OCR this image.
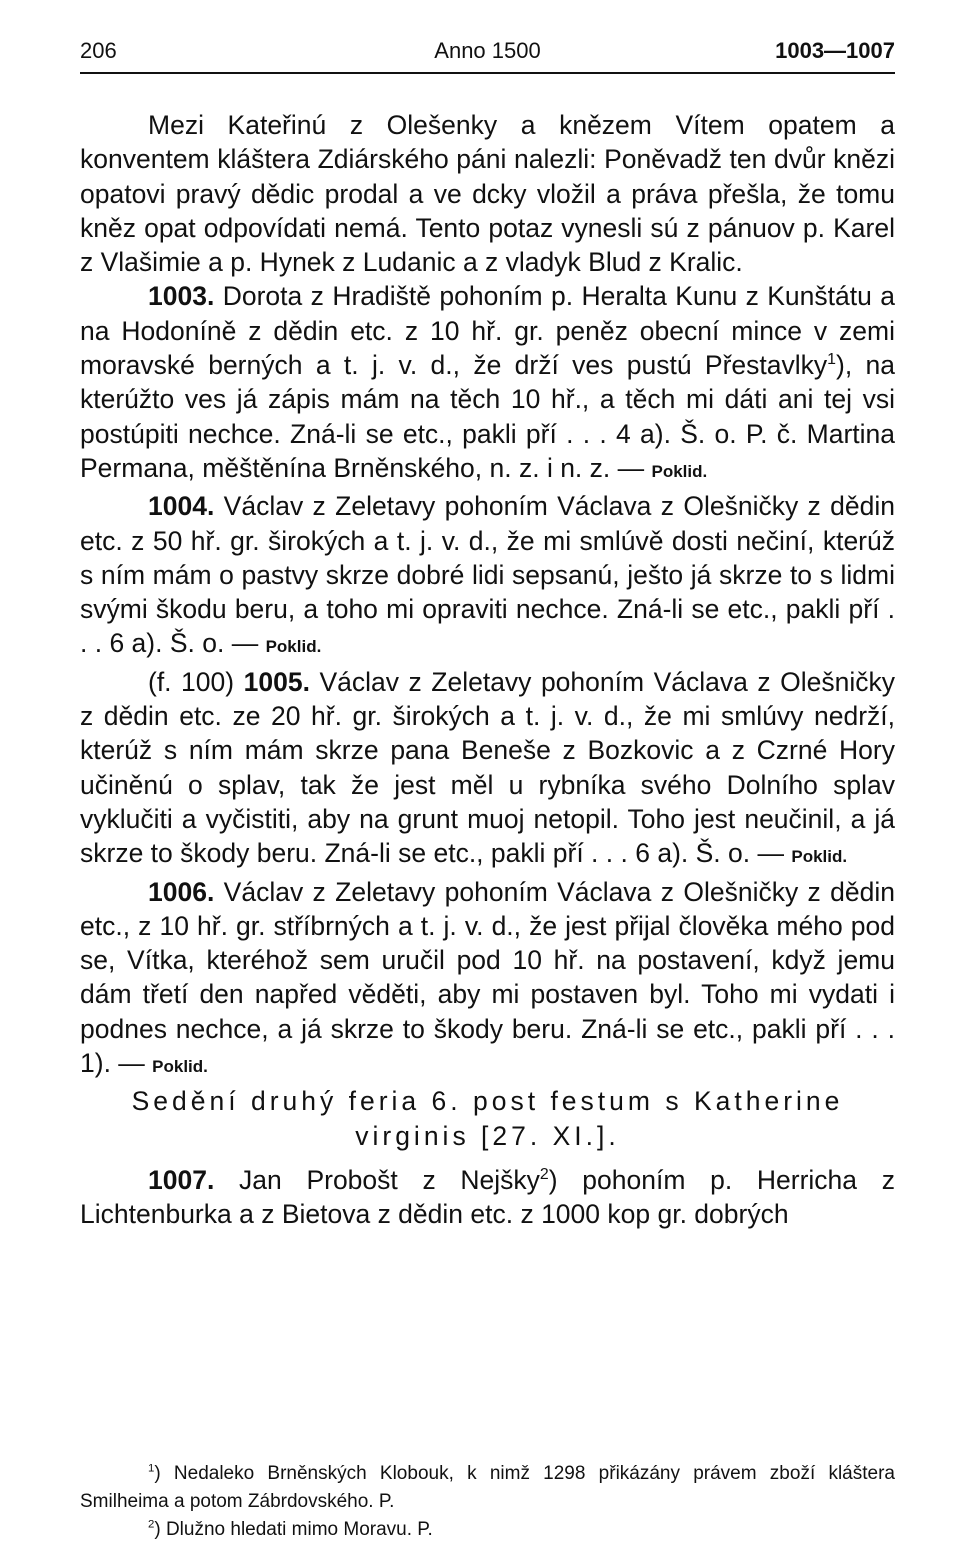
206	Anno 1500	1003—1007

Mezi Kateřinú z Olešenky a knězem Vítem opatem a konventem kláštera Zdiárského páni nalezli: Poněvadž ten dvůr knězi opatovi pravý dědic prodal a ve dcky vložil a práva přešla, že tomu kněz opat odpovídati nemá. Tento potaz vynesli sú z pánuov p. Karel z Vlašimie a p. Hynek z Ludanic a z vladyk Blud z Kralic.

1003. Dorota z Hradiště pohoním p. Heralta Kunu z Kunštátu a na Hodoníně z dědin etc. z 10 hř. gr. peněz obecní mince v zemi moravské berných a t. j. v. d., že drží ves pustú Přestavlky$^1$), na kterúžto ves já zápis mám na těch 10 hř., a těch mi dáti ani tej vsi postúpiti nechce. Zná-li se etc., pakli pří . . . 4 a). Š. o. P. č. Martina Permana, měštěnína Brněnského, n. z. i n. z. — Poklid.

1004. Václav z Zeletavy pohoním Václava z Olešničky z dědin etc. z 50 hř. gr. širokých a t. j. v. d., že mi smlúvě dosti nečiní, kterúž s ním mám o pastvy skrze dobré lidi sepsanú, ješto já skrze to s lidmi svými škodu beru, a toho mi opraviti nechce. Zná-li se etc., pakli pří . . . 6 a). Š. o. — Poklid.

(f. 100) 1005. Václav z Zeletavy pohoním Václava z Olešničky z dědin etc. ze 20 hř. gr. širokých a t. j. v. d., že mi smlúvy nedrží, kterúž s ním mám skrze pana Beneše z Bozkovic a z Czrné Hory učiněnú o splav, tak že jest měl u rybníka svého Dolního splav vyklučiti a vyčistiti, aby na grunt muoj netopil. Toho jest neučinil, a já skrze to škody beru. Zná-li se etc., pakli pří . . . 6 a). Š. o. — Poklid.

1006. Václav z Zeletavy pohoním Václava z Olešničky z dědin etc., z 10 hř. gr. stříbrných a t. j. v. d., že jest přijal člověka mého pod se, Vítka, kteréhož sem uručil pod 10 hř. na postavení, když jemu dám třetí den napřed věděti, aby mi postaven byl. Toho mi vydati i podnes nechce, a já skrze to škody beru. Zná-li se etc., pakli pří . . . 1). — Poklid.

Sedění druhý feria 6. post festum s Katherine virginis [27. XI.].

1007. Jan Probošt z Nejšky$^2$) pohoním p. Herricha z Lichtenburka a z Bietova z dědin etc. z 1000 kop gr. dobrých

$^1$) Nedaleko Brněnských Klobouk, k nimž 1298 přikázány právem zboží kláštera Smilheima a potom Zábrdovského. P.

$^2$) Dlužno hledati mimo Moravu. P.
